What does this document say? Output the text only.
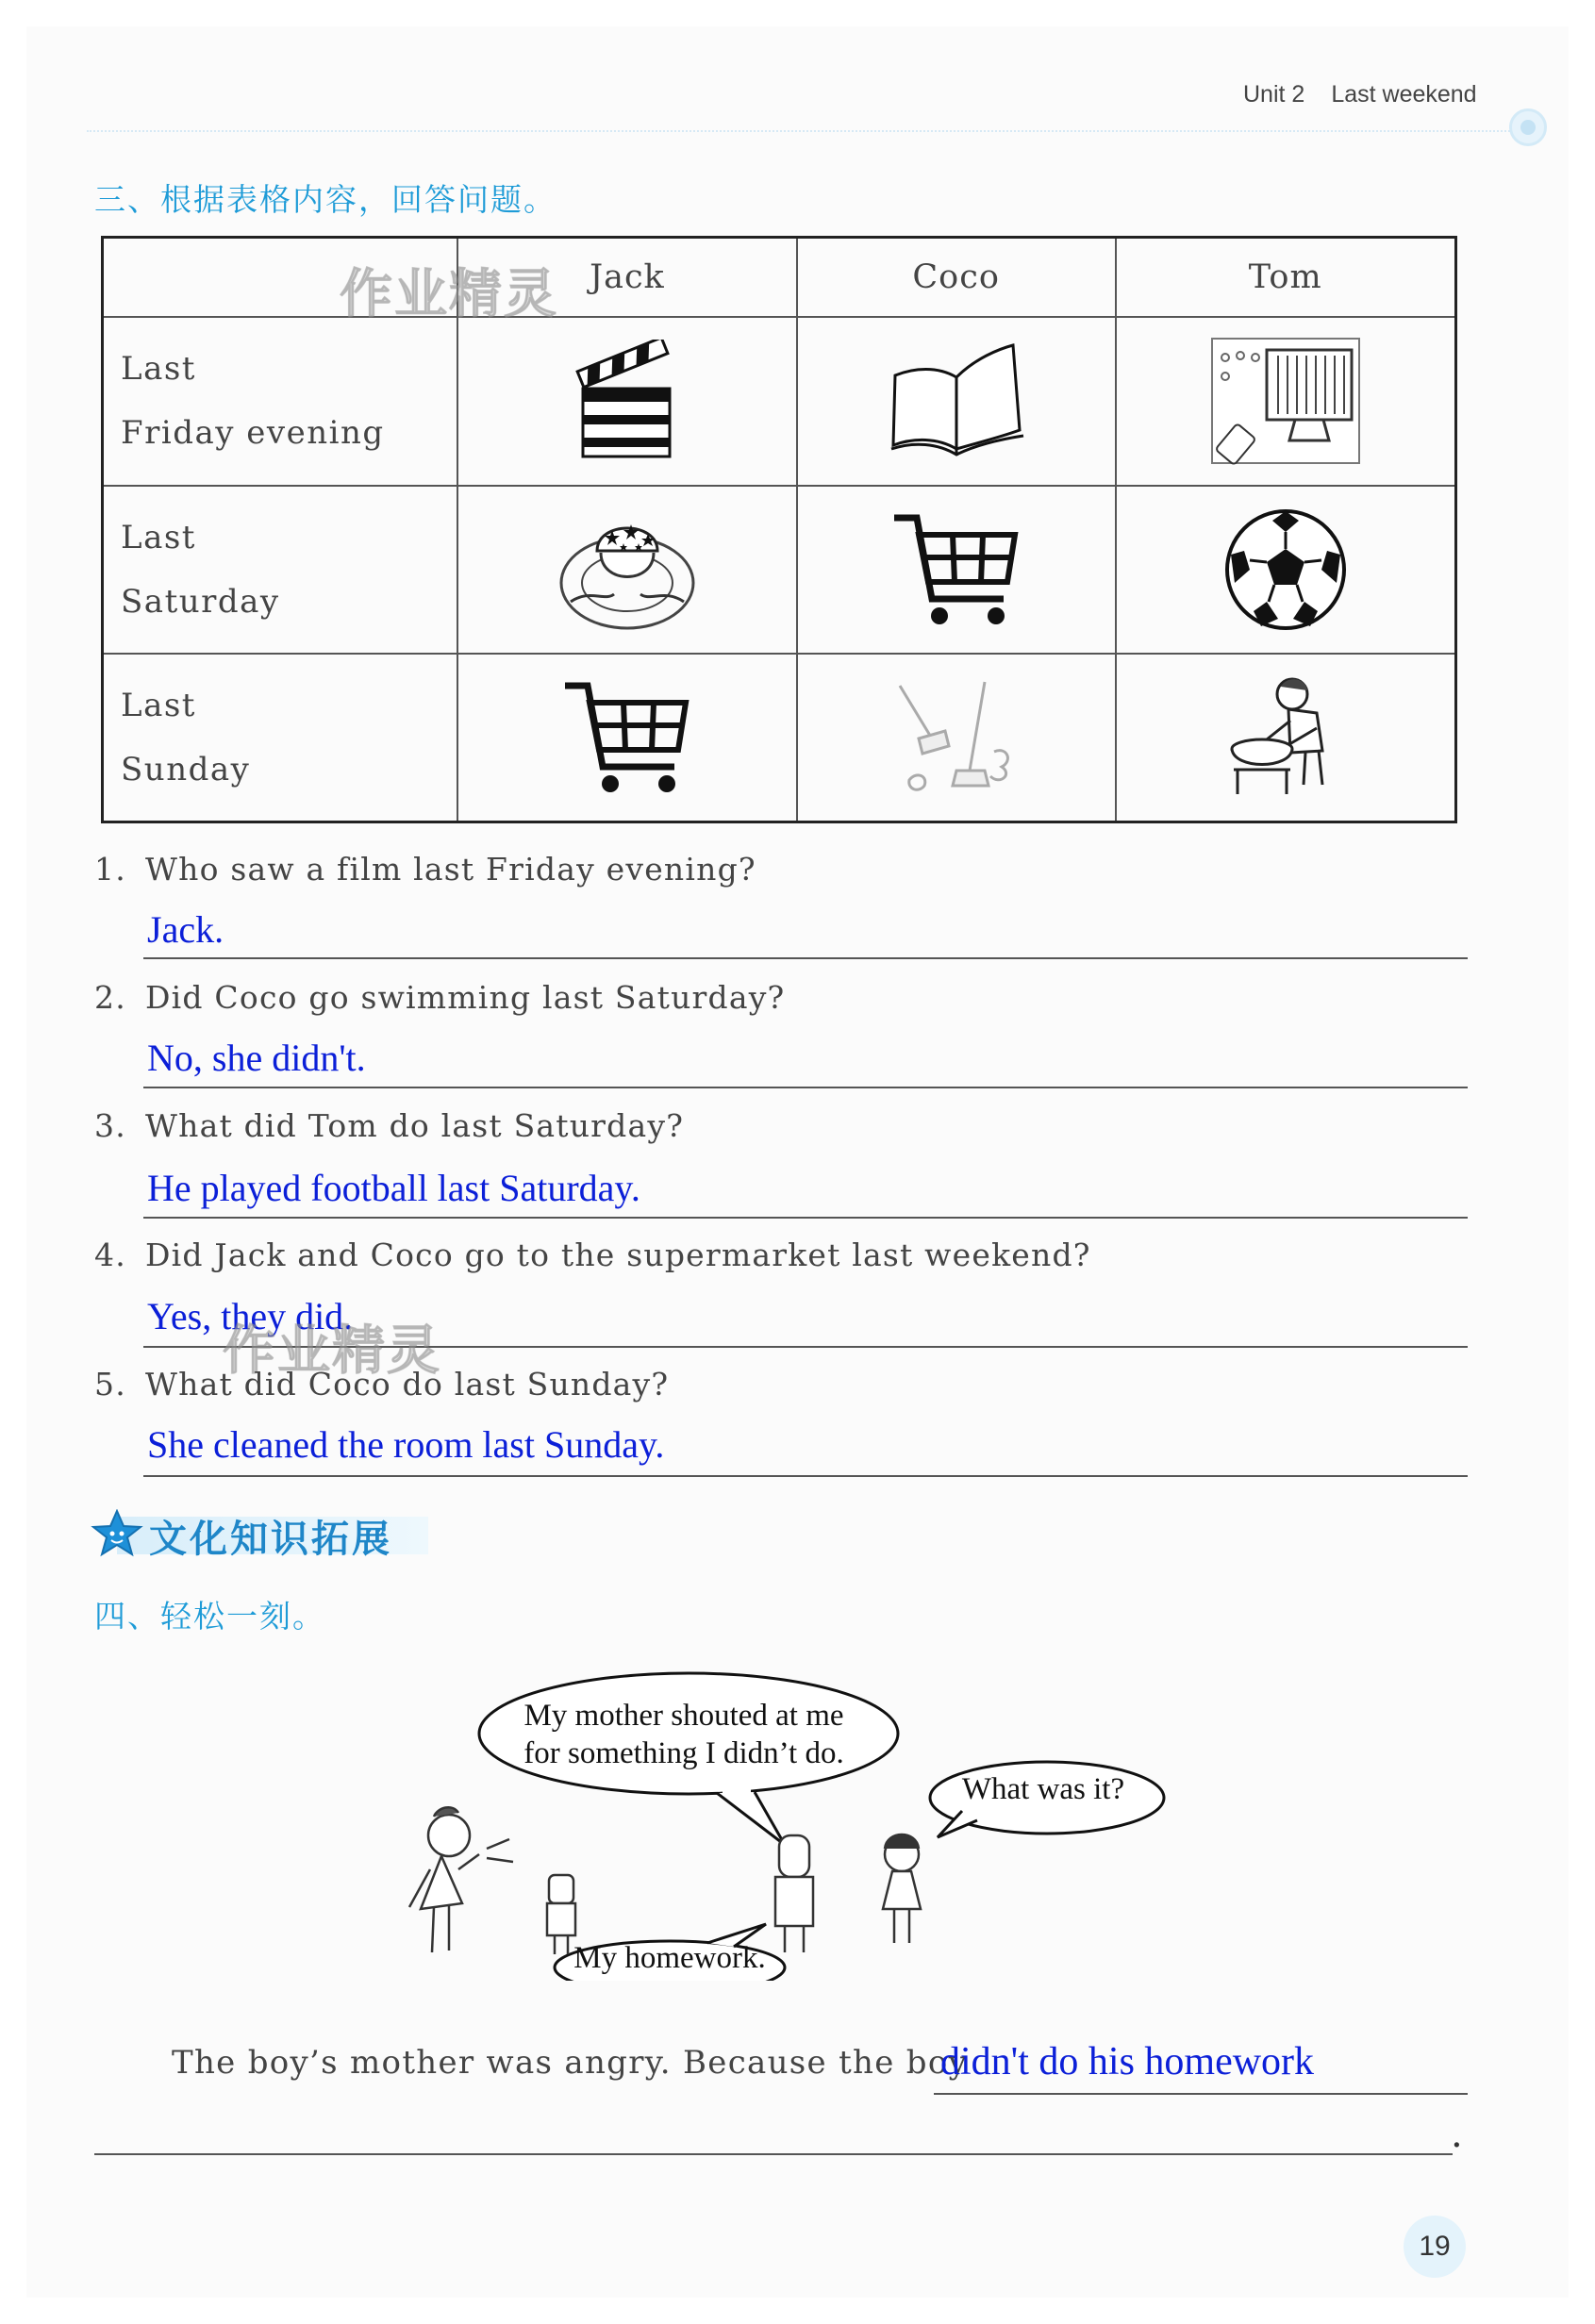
Unit 2 Last weekend
三、根据表格内容，回答问题。
	Jack	Coco	Tom

Last
Friday evening

Last
Saturday

Last
Sunday

作业精灵
1. Who saw a film last Friday evening?
Jack.
2. Did Coco go swimming last Saturday?
No, she didn't.
3. What did Tom do last Saturday?
He played football last Saturday.
4. Did Jack and Coco go to the supermarket last weekend?
Yes, they did.
作业精灵
5. What did Coco do last Sunday?
She cleaned the room last Sunday.
文化知识拓展
四、轻松一刻。
My mother shouted at me
for something I didn’t do.
What was it?
My homework.
The boy’s mother was angry. Because the boy
didn't do his homework
.
19
